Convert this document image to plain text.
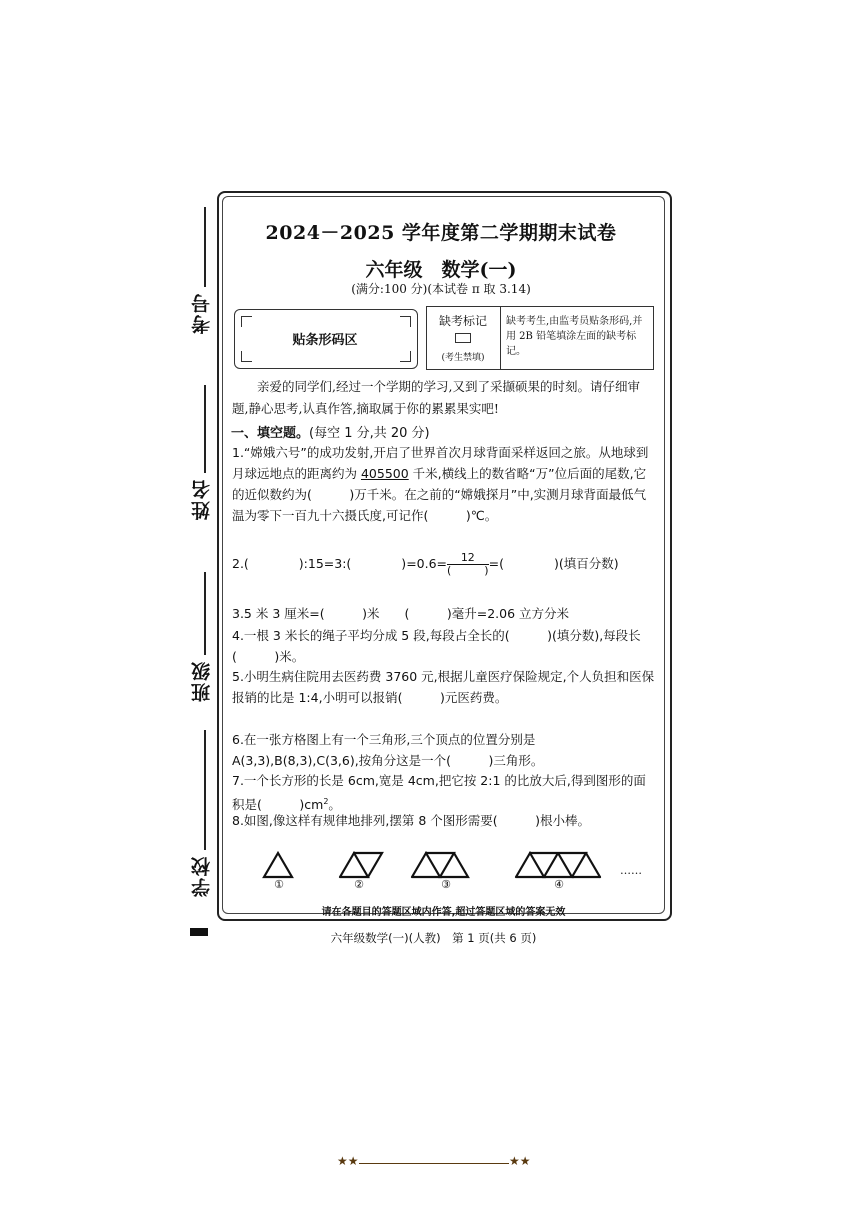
考号
姓名
班级
学校
2024－2025 学年度第二学期期末试卷
六年级　数学(一)
(满分:100 分)(本试卷 π 取 3.14)
贴条形码区
缺考标记
(考生禁填)
缺考考生,由监考员贴条形码,并用 2B 铅笔填涂左面的缺考标记。
亲爱的同学们,经过一个学期的学习,又到了采撷硕果的时刻。请仔细审题,静心思考,认真作答,摘取属于你的累累果实吧!
一、填空题。(每空 1 分,共 20 分)
1.“嫦娥六号”的成功发射,开启了世界首次月球背面采样返回之旅。从地球到月球远地点的距离约为 405500 千米,横线上的数省略“万”位后面的尾数,它的近似数约为(　　　)万千米。在之前的“嫦娥探月”中,实测月球背面最低气温为零下一百九十六摄氏度,可记作(　　　)℃。
2.(　　　　):15=3:(　　　　)$=0.6= \frac{12}{( )}$ =(　　　　)(填百分数)
3.5 米 3 厘米=(　　　)米　　(　　　)毫升=2.06 立方分米
4.一根 3 米长的绳子平均分成 5 段,每段占全长的(　　　)(填分数),每段长(　　　)米。
5.小明生病住院用去医药费 3760 元,根据儿童医疗保险规定,个人负担和医保报销的比是 1:4,小明可以报销(　　　)元医药费。
6.在一张方格图上有一个三角形,三个顶点的位置分别是 A(3,3),B(8,3),C(3,6),按角分这是一个(　　　)三角形。
7.一个长方形的长是 6cm,宽是 4cm,把它按 2:1 的比放大后,得到图形的面积是(　　　)$cm^2$。
8.如图,像这样有规律地排列,摆第 8 个图形需要(　　　)根小棒。
①	②	③	④
……
请在各题目的答题区域内作答,超过答题区域的答案无效
六年级数学(一)(人教)　第 1 页(共 6 页)
★★	★★
